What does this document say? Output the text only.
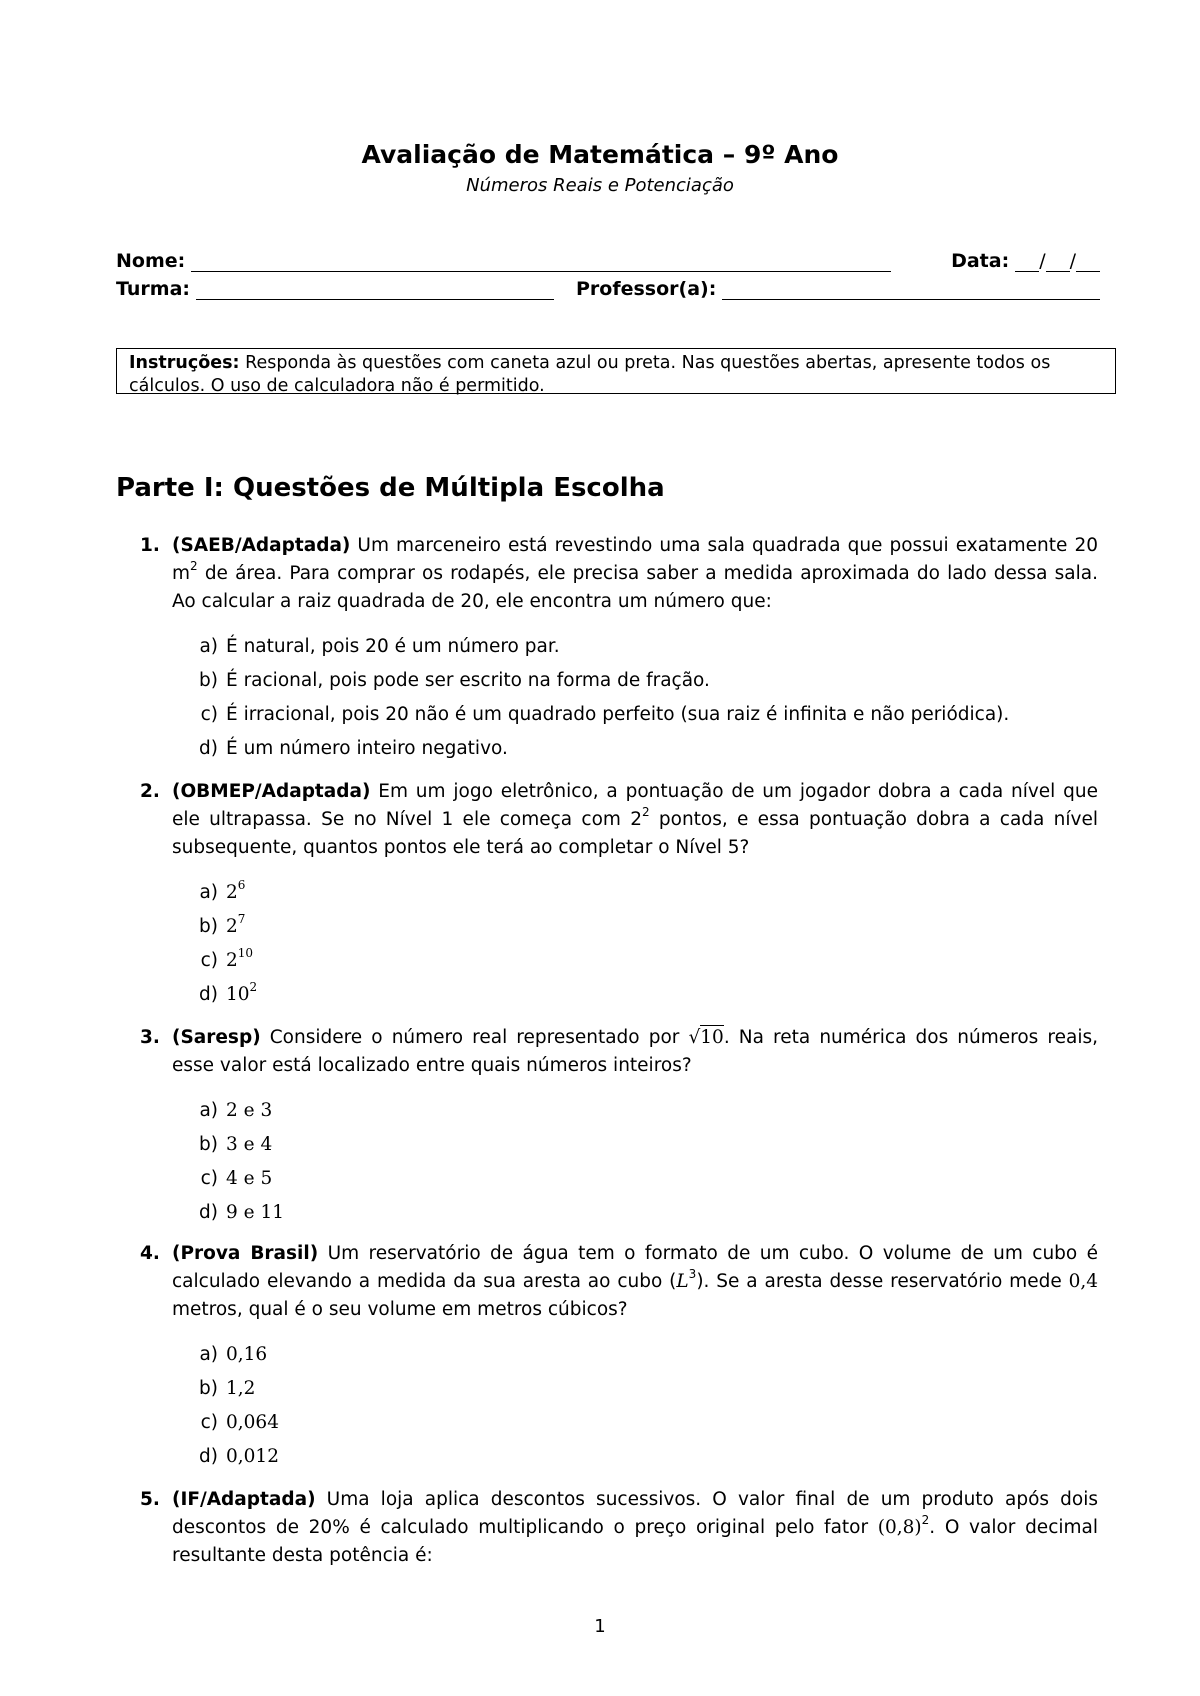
Avaliação de Matemática – 9º Ano
Números Reais e Potenciação
Nome:	Data:	/ /
Turma:	Professor(a):
Instruções: Responda às questões com caneta azul ou preta. Nas questões abertas, apresente todos os cálculos. O uso de calculadora não é permitido.
Parte I: Questões de Múltipla Escolha
1. (SAEB/Adaptada) Um marceneiro está revestindo uma sala quadrada que possui exatamente 20 $m^2$ de área. Para comprar os rodapés, ele precisa saber a medida aproximada do lado dessa sala. Ao calcular a raiz quadrada de 20, ele encontra um número que:
a) É natural, pois 20 é um número par.
b) É racional, pois pode ser escrito na forma de fração.
c) É irracional, pois 20 não é um quadrado perfeito (sua raiz é infinita e não periódica).
d) É um número inteiro negativo.
2. (OBMEP/Adaptada) Em um jogo eletrônico, a pontuação de um jogador dobra a cada nível que ele ultrapassa. Se no Nível 1 ele começa com $2^2$ pontos, e essa pontuação dobra a cada nível subsequente, quantos pontos ele terá ao completar o Nível 5?
a) $2^6$
b) $2^7$
c) $2^{10}$
d) $10^2$
3. (Saresp) Considere o número real representado por √10. Na reta numérica dos números reais, esse valor está localizado entre quais números inteiros?
a) 2 e 3
b) 3 e 4
c) 4 e 5
d) 9 e 11
4. (Prova Brasil) Um reservatório de água tem o formato de um cubo. O volume de um cubo é calculado elevando a medida da sua aresta ao cubo $(L^3)$. Se a aresta desse reservatório mede 0,4 metros, qual é o seu volume em metros cúbicos?
a) 0,16
b) 1,2
c) 0,064
d) 0,012
5. (IF/Adaptada) Uma loja aplica descontos sucessivos. O valor final de um produto após dois descontos de 20% é calculado multiplicando o preço original pelo fator $(0,8)^2$. O valor decimal resultante desta potência é:
1
